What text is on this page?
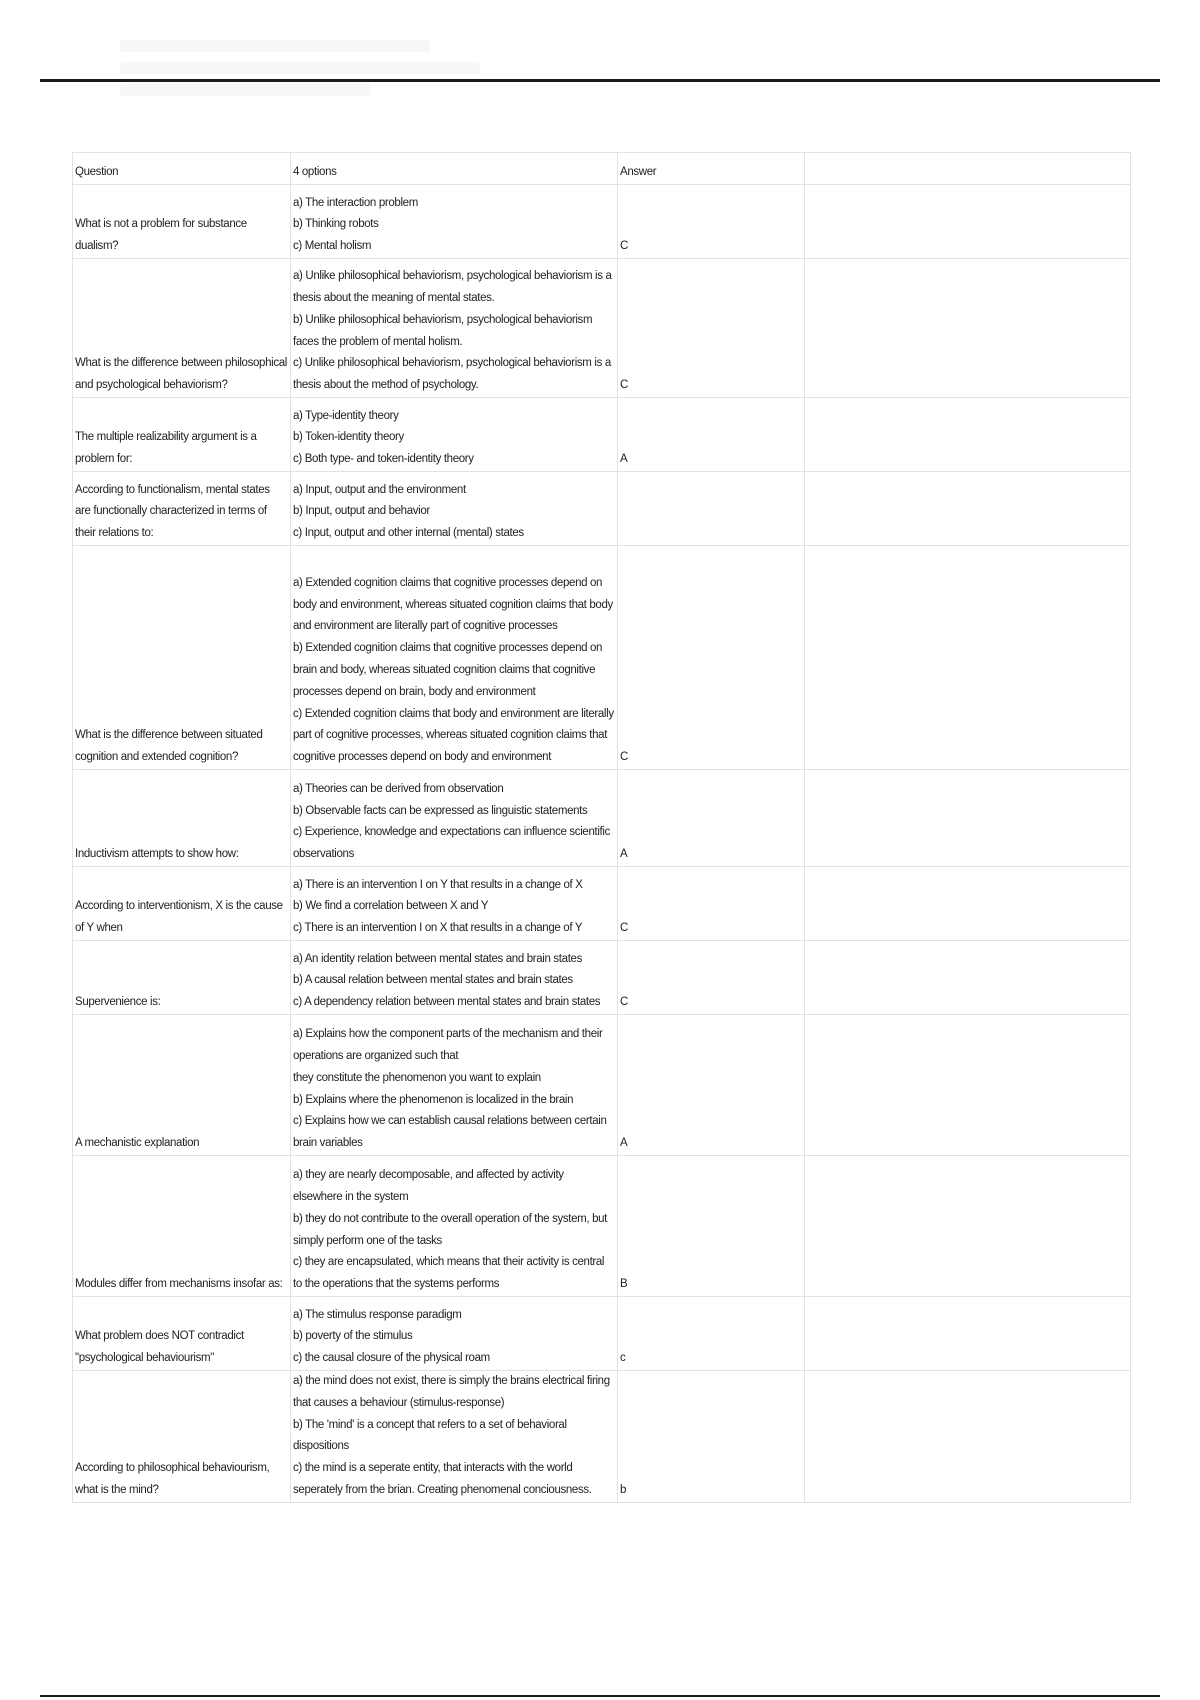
Question	4 options	Answer	
What is not a problem for substance dualism?	a) The interaction problem
b) Thinking robots
c) Mental holism	C	
What is the difference between philosophical and psychological behaviorism?	a) Unlike philosophical behaviorism, psychological behaviorism is a thesis about the meaning of mental states.
b) Unlike philosophical behaviorism, psychological behaviorism faces the problem of mental holism.
c) Unlike philosophical behaviorism, psychological behaviorism is a thesis about the method of psychology.	C	
The multiple realizability argument is a problem for:	a) Type-identity theory
b) Token-identity theory
c) Both type- and token-identity theory	A	
According to functionalism, mental states are functionally characterized in terms of their relations to:	a) Input, output and the environment
b) Input, output and behavior
c) Input, output and other internal (mental) states		

What is the difference between situated cognition and extended cognition?	a) Extended cognition claims that cognitive processes depend on body and environment, whereas situated cognition claims that body and environment are literally part of cognitive processes
b) Extended cognition claims that cognitive processes depend on brain and body, whereas situated cognition claims that cognitive processes depend on brain, body and environment
c) Extended cognition claims that body and environment are literally part of cognitive processes, whereas situated cognition claims that cognitive processes depend on body and environment	C	
Inductivism attempts to show how:	a) Theories can be derived from observation
b) Observable facts can be expressed as linguistic statements
c) Experience, knowledge and expectations can influence scientific observations	A	
According to interventionism, X is the cause of Y when	a) There is an intervention I on Y that results in a change of X
b) We find a correlation between X and Y
c) There is an intervention I on X that results in a change of Y	C	
Supervenience is:	a) An identity relation between mental states and brain states
b) A causal relation between mental states and brain states
c) A dependency relation between mental states and brain states	C	
A mechanistic explanation	a) Explains how the component parts of the mechanism and their operations are organized such that
they constitute the phenomenon you want to explain
b) Explains where the phenomenon is localized in the brain
c) Explains how we can establish causal relations between certain brain variables	A	
Modules differ from mechanisms insofar as:	a) they are nearly decomposable, and affected by activity elsewhere in the system
b) they do not contribute to the overall operation of the system, but simply perform one of the tasks
c) they are encapsulated, which means that their activity is central to the operations that the systems performs	B	
What problem does NOT contradict "psychological behaviourism"	a) The stimulus response paradigm
b) poverty of the stimulus
c) the causal closure of the physical roam	c	
According to philosophical behaviourism, what is the mind?	a) the mind does not exist, there is simply the brains electrical firing that causes a behaviour (stimulus-response)
b) The 'mind' is a concept that refers to a set of behavioral dispositions
c) the mind is a seperate entity, that interacts with the world seperately from the brian. Creating phenomenal conciousness.	b	
